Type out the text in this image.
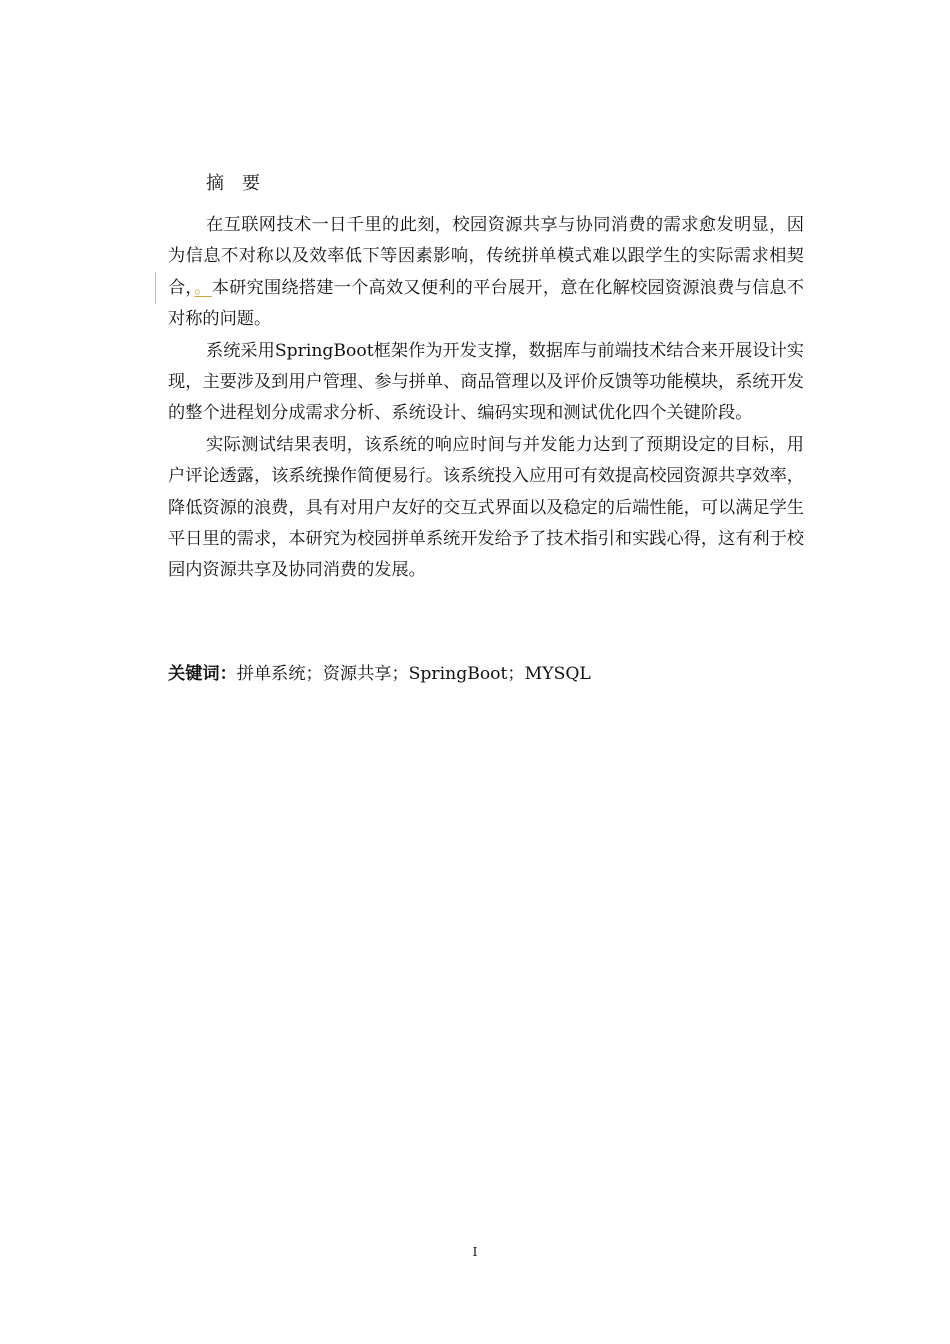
摘　要

在互联网技术一日千里的此刻，校园资源共享与协同消费的需求愈发明显，因为信息不对称以及效率低下等因素影响，传统拼单模式难以跟学生的实际需求相契合，。本研究围绕搭建一个高效又便利的平台展开，意在化解校园资源浪费与信息不对称的问题。

系统采用SpringBoot框架作为开发支撑，数据库与前端技术结合来开展设计实现，主要涉及到用户管理、参与拼单、商品管理以及评价反馈等功能模块，系统开发的整个进程划分成需求分析、系统设计、编码实现和测试优化四个关键阶段。

实际测试结果表明，该系统的响应时间与并发能力达到了预期设定的目标，用户评论透露，该系统操作简便易行。该系统投入应用可有效提高校园资源共享效率，降低资源的浪费，具有对用户友好的交互式界面以及稳定的后端性能，可以满足学生平日里的需求，本研究为校园拼单系统开发给予了技术指引和实践心得，这有利于校园内资源共享及协同消费的发展。

关键词：拼单系统；资源共享；SpringBoot；MYSQL
I
